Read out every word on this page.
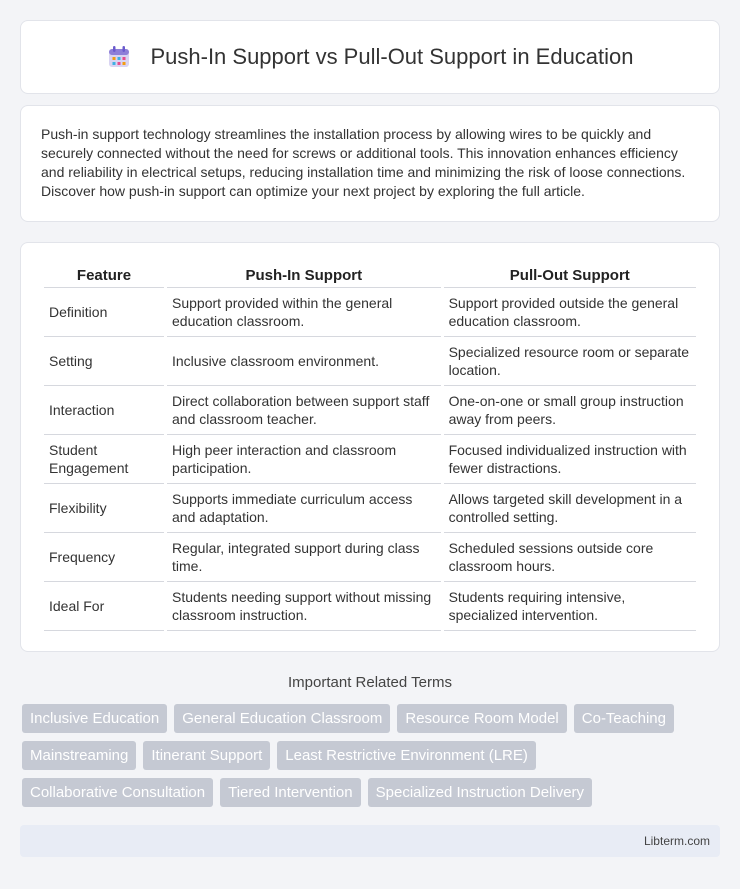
Push-In Support vs Pull-Out Support in Education

Push-in support technology streamlines the installation process by allowing wires to be quickly and securely connected without the need for screws or additional tools. This innovation enhances efficiency and reliability in electrical setups, reducing installation time and minimizing the risk of loose connections. Discover how push-in support can optimize your next project by exploring the full article.

Feature	Push-In Support	Pull-Out Support
Definition	Support provided within the general education classroom.	Support provided outside the general education classroom.
Setting	Inclusive classroom environment.	Specialized resource room or separate location.
Interaction	Direct collaboration between support staff and classroom teacher.	One-on-one or small group instruction away from peers.
Student Engagement	High peer interaction and classroom participation.	Focused individualized instruction with fewer distractions.
Flexibility	Supports immediate curriculum access and adaptation.	Allows targeted skill development in a controlled setting.
Frequency	Regular, integrated support during class time.	Scheduled sessions outside core classroom hours.
Ideal For	Students needing support without missing classroom instruction.	Students requiring intensive, specialized intervention.
Important Related Terms
Inclusive Education	General Education Classroom	Resource Room Model	Co-Teaching
Mainstreaming	Itinerant Support	Least Restrictive Environment (LRE)
Collaborative Consultation	Tiered Intervention	Specialized Instruction Delivery
Libterm.com
